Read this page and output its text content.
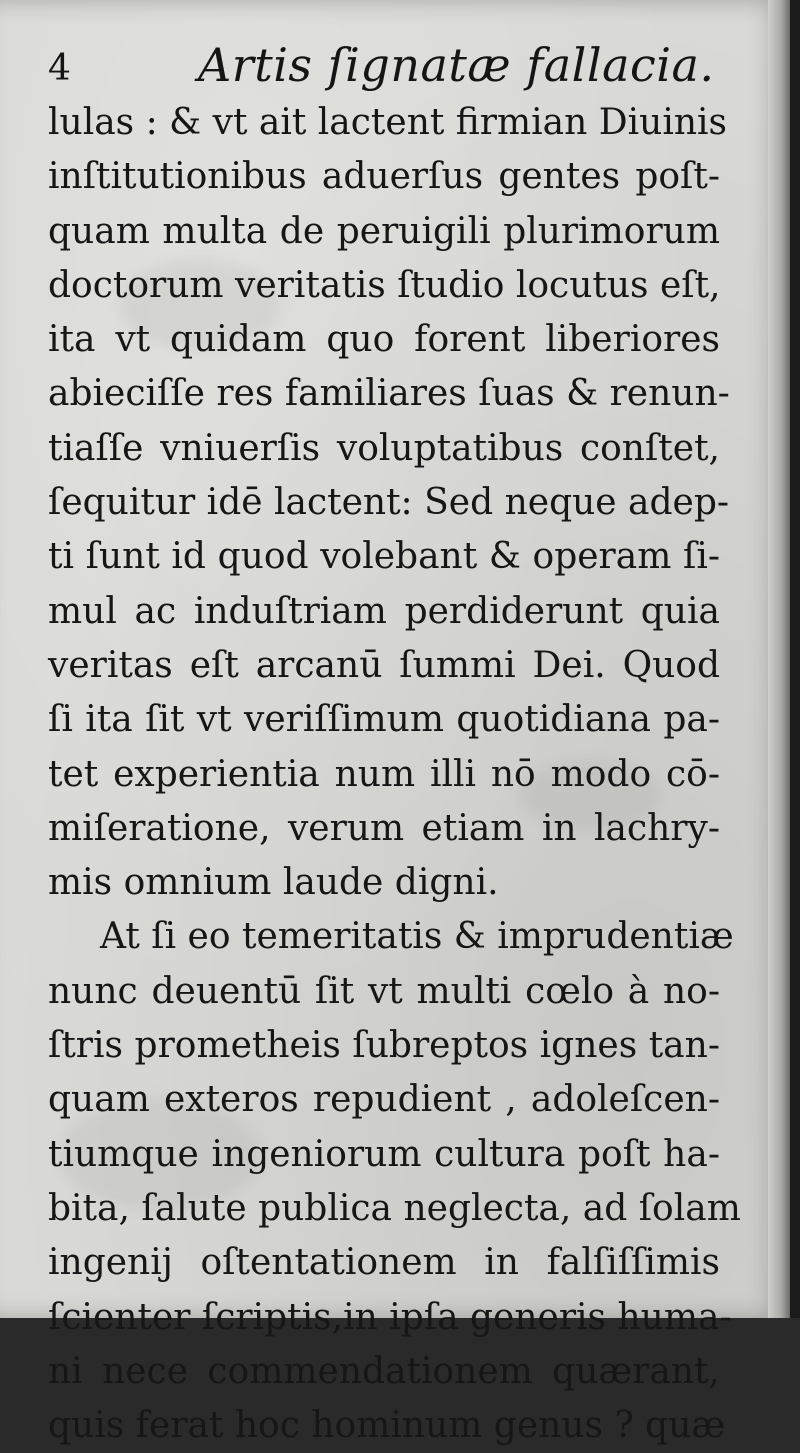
4	Artis ſignatæ fallacia.
lulas : & vt ait lactent firmian Diuinis
inſtitutionibus aduerſus gentes poſt-
quam multa de peruigili plurimorum
doctorum veritatis ſtudio locutus eſt,
ita vt quidam quo forent liberiores
abieciſſe res familiares ſuas & renun-
tiaſſe vniuerſis voluptatibus conſtet,
ſequitur idē lactent: Sed neque adep-
ti ſunt id quod volebant & operam ſi-
mul ac induſtriam perdiderunt quia
veritas eſt arcanū ſummi Dei. Quod
ſi ita ſit vt veriſſimum quotidiana pa-
tet experientia num illi nō modo cō-
miſeratione, verum etiam in lachry-
mis omnium laude digni.
At ſi eo temeritatis & imprudentiæ
nunc deuentū ſit vt multi cœlo à no-
ſtris prometheis ſubreptos ignes tan-
quam exteros repudient , adoleſcen-
tiumque ingeniorum cultura poſt ha-
bita, ſalute publica neglecta, ad ſolam
ingenij oſtentationem in falſiſſimis
ſcienter ſcriptis,in ipſa generis huma-
ni nece commendationem quærant,
quis ferat hoc hominum genus ? quæ
